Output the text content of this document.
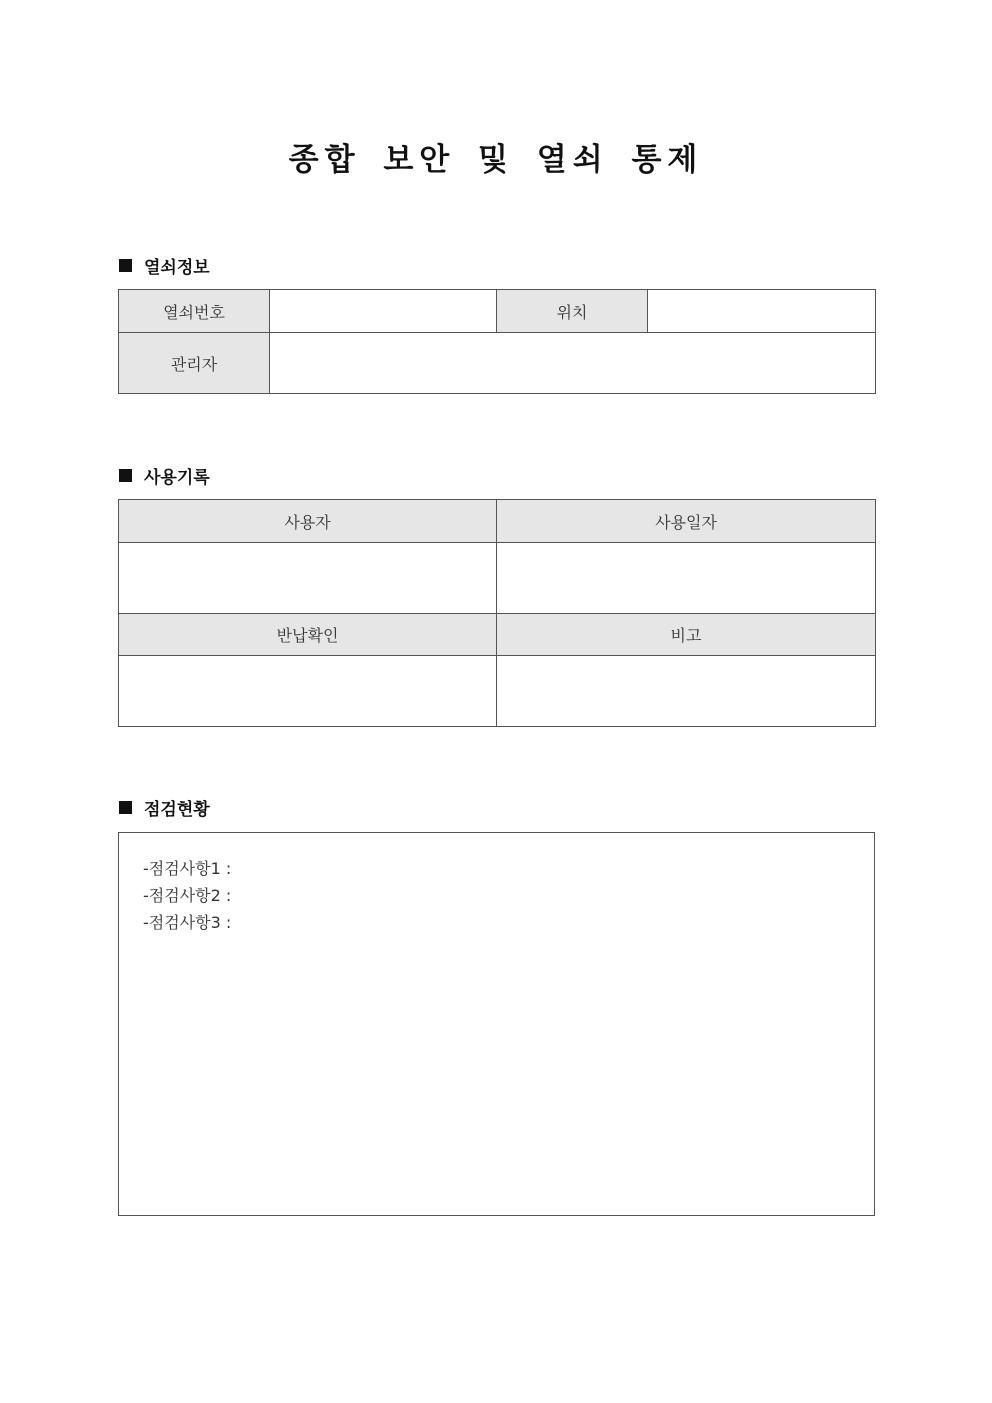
종합 보안 및 열쇠 통제
열쇠정보
열쇠번호		위치	
관리자			
사용기록
사용자	사용일자

반납확인	비고

점검현황
-점검사항1 :
-점검사항2 :
-점검사항3 :
